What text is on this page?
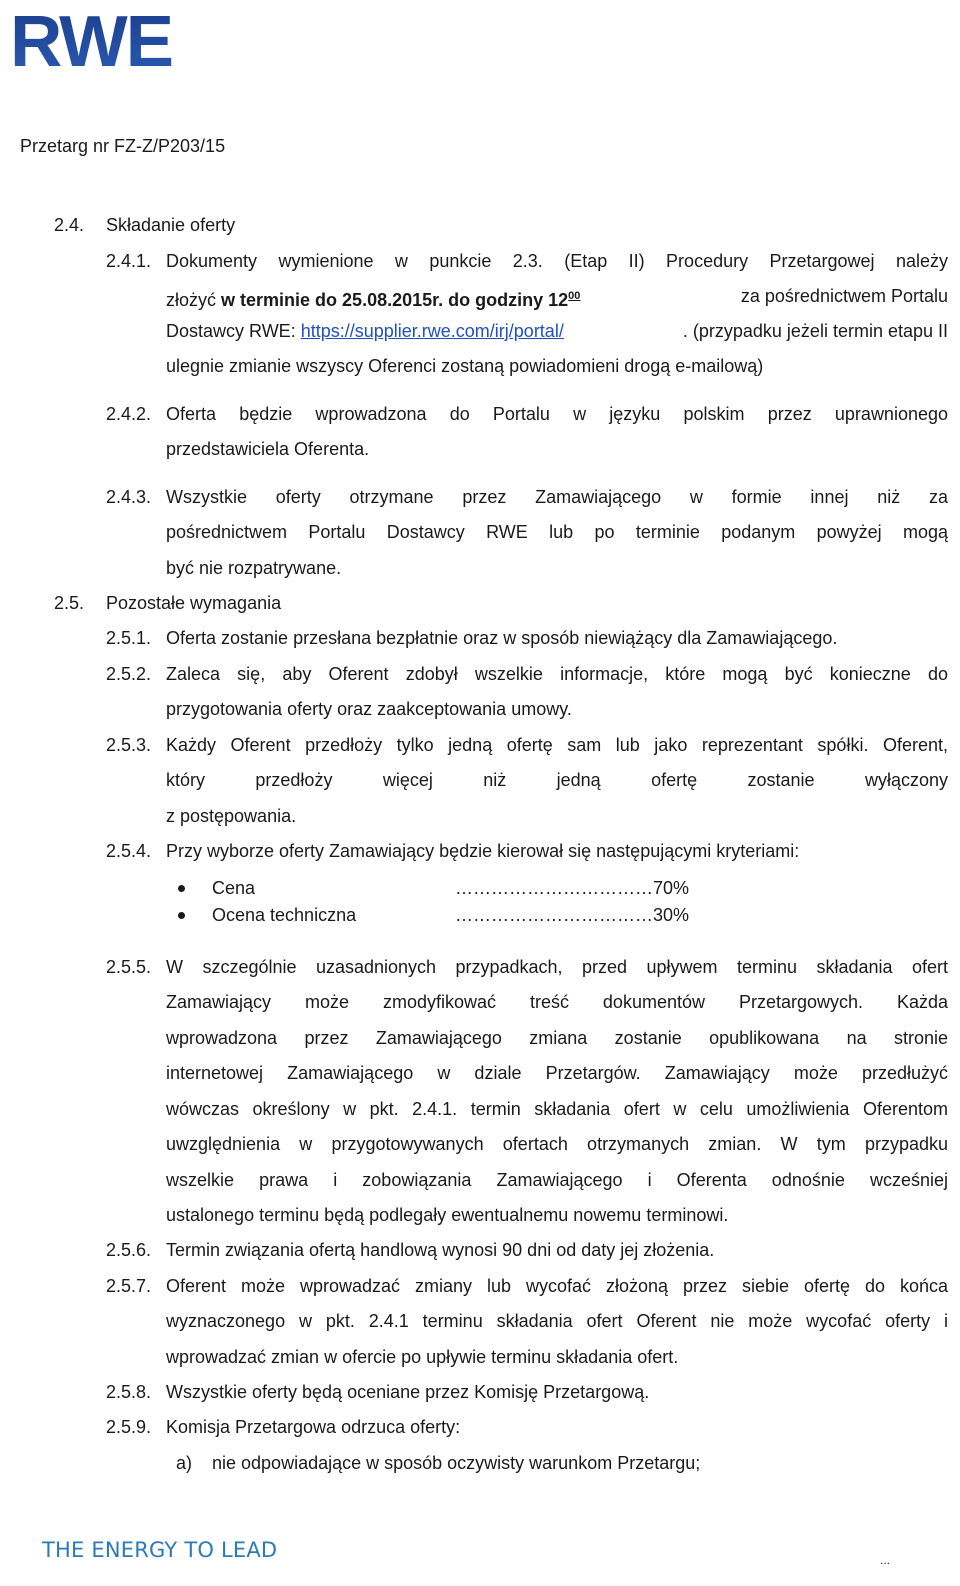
RWE
Przetarg nr FZ-Z/P203/15
2.4. Składanie oferty
2.4.1. Dokumenty wymienione w punkcie 2.3. (Etap II) Procedury Przetargowej należy
złożyć w terminie do 25.08.2015r. do godziny $12^{00}$	za pośrednictwem Portalu
Dostawcy RWE: https://supplier.rwe.com/irj/portal/	. (przypadku jeżeli termin etapu II
ulegnie zmianie wszyscy Oferenci zostaną powiadomieni drogą e-mailową)
2.4.2. Oferta będzie wprowadzona do Portalu w języku polskim przez uprawnionego
przedstawiciela Oferenta.
2.4.3. Wszystkie oferty otrzymane przez Zamawiającego w formie innej niż za
pośrednictwem Portalu Dostawcy RWE lub po terminie podanym powyżej mogą
być nie rozpatrywane.
2.5. Pozostałe wymagania
2.5.1. Oferta zostanie przesłana bezpłatnie oraz w sposób niewiążący dla Zamawiającego.
2.5.2. Zaleca się, aby Oferent zdobył wszelkie informacje, które mogą być konieczne do
przygotowania oferty oraz zaakceptowania umowy.
2.5.3. Każdy Oferent przedłoży tylko jedną ofertę sam lub jako reprezentant spółki. Oferent,
który przedłoży więcej niż jedną ofertę zostanie wyłączony
z postępowania.
2.5.4. Przy wyborze oferty Zamawiający będzie kierował się następującymi kryteriami:
Cena	……………………………70%
Ocena techniczna	……………………………30%
2.5.5. W szczególnie uzasadnionych przypadkach, przed upływem terminu składania ofert
Zamawiający może zmodyfikować treść dokumentów Przetargowych. Każda
wprowadzona przez Zamawiającego zmiana zostanie opublikowana na stronie
internetowej Zamawiającego w dziale Przetargów. Zamawiający może przedłużyć
wówczas określony w pkt. 2.4.1. termin składania ofert w celu umożliwienia Oferentom
uwzględnienia w przygotowywanych ofertach otrzymanych zmian. W tym przypadku
wszelkie prawa i zobowiązania Zamawiającego i Oferenta odnośnie wcześniej
ustalonego terminu będą podlegały ewentualnemu nowemu terminowi.
2.5.6. Termin związania ofertą handlową wynosi 90 dni od daty jej złożenia.
2.5.7. Oferent może wprowadzać zmiany lub wycofać złożoną przez siebie ofertę do końca
wyznaczonego w pkt. 2.4.1 terminu składania ofert Oferent nie może wycofać oferty i
wprowadzać zmian w ofercie po upływie terminu składania ofert.
2.5.8. Wszystkie oferty będą oceniane przez Komisję Przetargową.
2.5.9. Komisja Przetargowa odrzuca oferty:
a) nie odpowiadające w sposób oczywisty warunkom Przetargu;
THE ENERGY TO LEAD	...
